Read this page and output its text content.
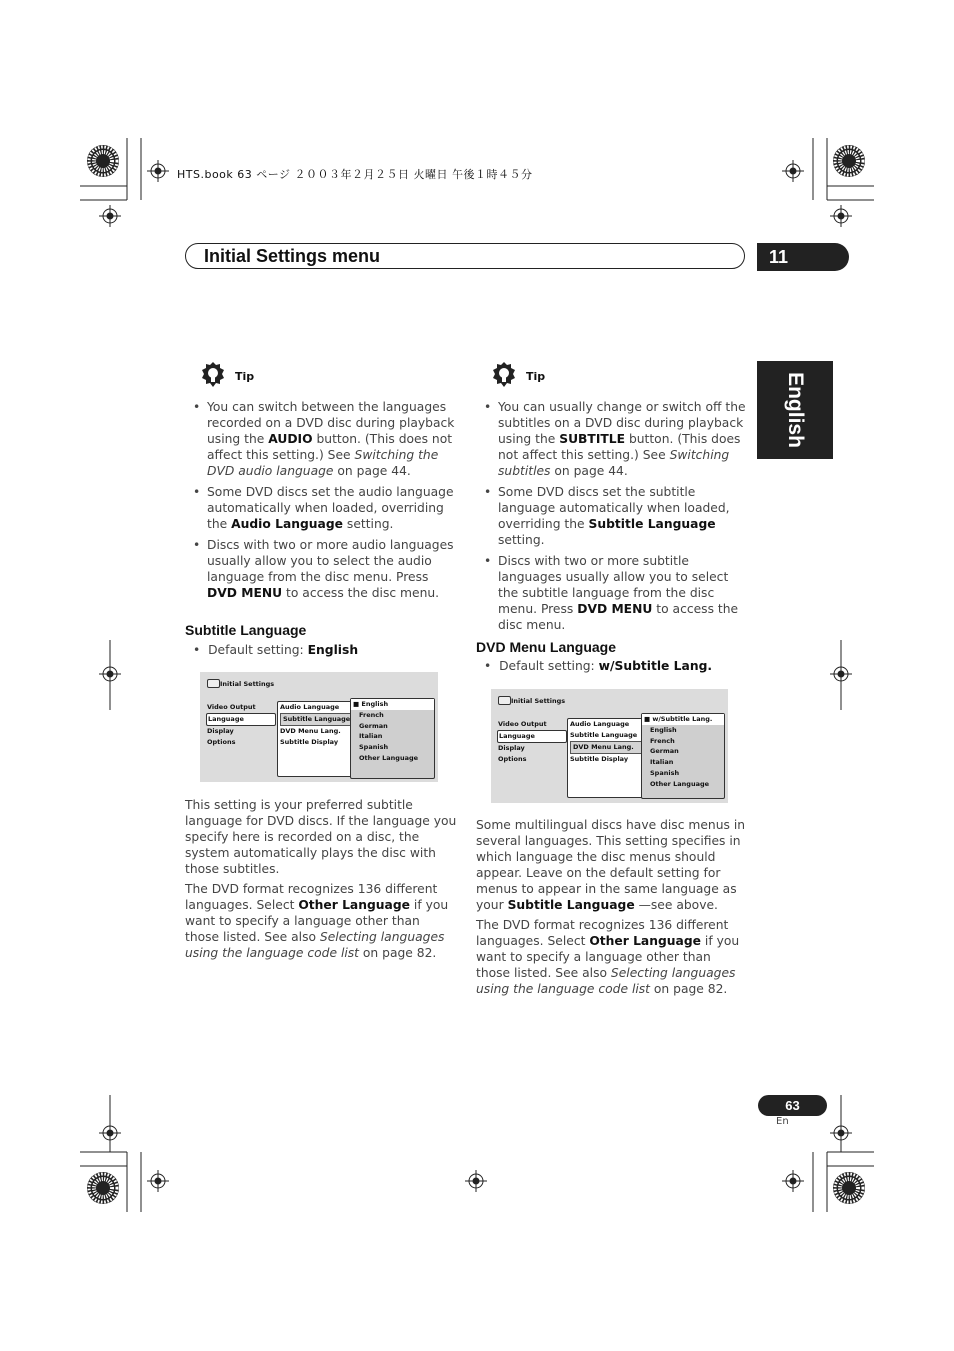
HTS.book 63 ページ ２００３年２月２５日 火曜日 午後１時４５分
Initial Settings menu	11
English
Tip
• You can switch between the languages recorded on a DVD disc during playback using the AUDIO button. (This does not affect this setting.) See Switching the DVD audio language on page 44.
• Some DVD discs set the audio language automatically when loaded, overriding the Audio Language setting.
• Discs with two or more audio languages usually allow you to select the audio language from the disc menu. Press DVD MENU to access the disc menu.
Subtitle Language
•  Default setting: English
Initial Settings
Video Output
Language
Display
Options
Audio Language
Subtitle Language
DVD Menu Lang.
Subtitle Display
■ English
French
German
Italian
Spanish
Other Language

This setting is your preferred subtitle language for DVD discs. If the language you specify here is recorded on a disc, the system automatically plays the disc with those subtitles.

The DVD format recognizes 136 different languages. Select Other Language if you want to specify a language other than those listed. See also Selecting languages using the language code list on page 82.

Tip
• You can usually change or switch off the subtitles on a DVD disc during playback using the SUBTITLE button. (This does not affect this setting.) See Switching subtitles on page 44.
• Some DVD discs set the subtitle language automatically when loaded, overriding the Subtitle Language setting.
• Discs with two or more subtitle languages usually allow you to select the subtitle language from the disc menu. Press DVD MENU to access the disc menu.
DVD Menu Language
•  Default setting: w/Subtitle Lang.
Initial Settings
Video Output
Language
Display
Options
Audio Language
Subtitle Language
DVD Menu Lang.
Subtitle Display
■ w/Subtitle Lang.
English
French
German
Italian
Spanish
Other Language

Some multilingual discs have disc menus in several languages. This setting specifies in which language the disc menus should appear. Leave on the default setting for menus to appear in the same language as your Subtitle Language —see above.

The DVD format recognizes 136 different languages. Select Other Language if you want to specify a language other than those listed. See also Selecting languages using the language code list on page 82.

63
En
